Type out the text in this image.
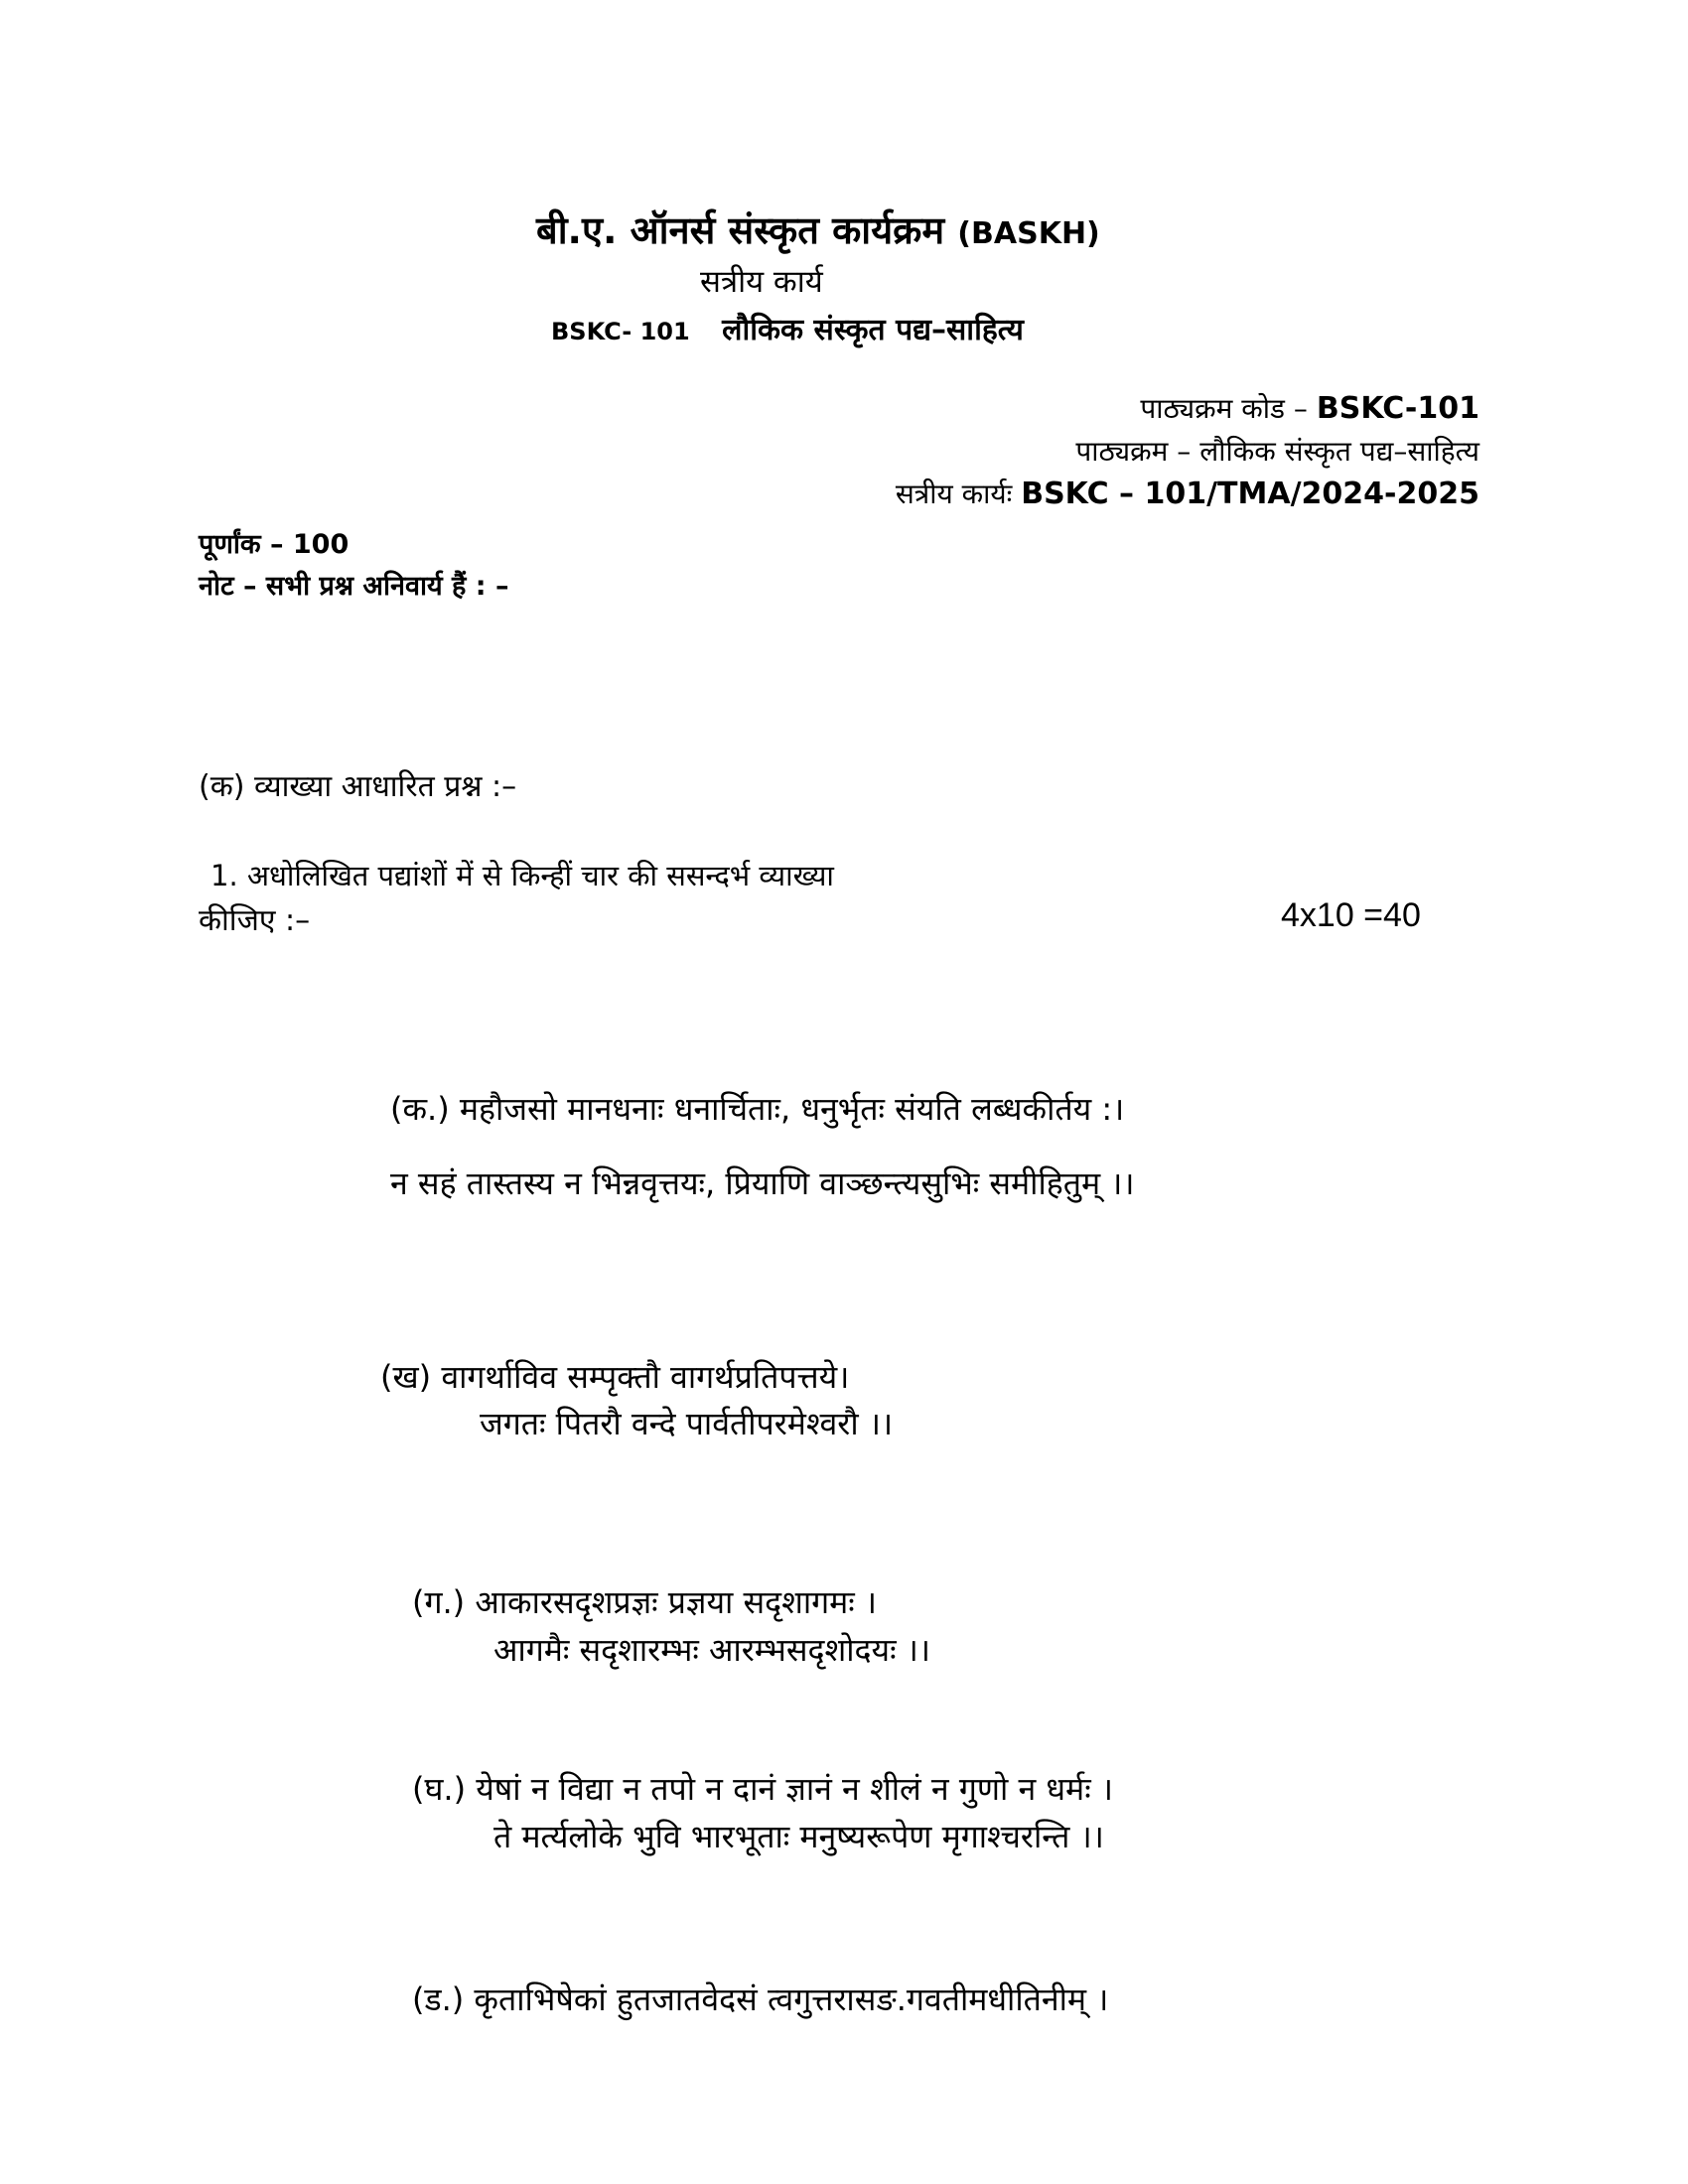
बी.ए. ऑनर्स संस्कृत कार्यक्रम (BASKH)
सत्रीय कार्य
BSKC- 101 लौकिक संस्कृत पद्य–साहित्य
पाठ्यक्रम कोड – BSKC-101
पाठ्यक्रम – लौकिक संस्कृत पद्य–साहित्य
सत्रीय कार्यः BSKC – 101/TMA/2024-2025
पूर्णांक – 100
नोट – सभी प्रश्न अनिवार्य हैं : –
(क) व्याख्या आधारित प्रश्न :–
1. अधोलिखित पद्यांशों में से किन्हीं चार की ससन्दर्भ व्याख्या
कीजिए :–	4x10 =40
(क.) महौजसो मानधनाः धनार्चिताः, धनुर्भृतः संयति लब्धकीर्तय :।
न सहं तास्तस्य न भिन्नवृत्तयः, प्रियाणि वाञ्छन्त्यसुभिः समीहितुम् ।।
(ख) वागर्थाविव सम्पृक्तौ वागर्थप्रतिपत्तये।
जगतः पितरौ वन्दे पार्वतीपरमेश्वरौ ।।
(ग.) आकारसदृशप्रज्ञः प्रज्ञया सदृशागमः ।
आगमैः सदृशारम्भः आरम्भसदृशोदयः ।।
(घ.) येषां न विद्या न तपो न दानं ज्ञानं न शीलं न गुणो न धर्मः ।
ते मर्त्यलोके भुवि भारभूताः मनुष्यरूपेण मृगाश्चरन्ति ।।
(ड.) कृताभिषेकां हुतजातवेदसं त्वगुत्तरासङ.गवतीमधीतिनीम् ।
